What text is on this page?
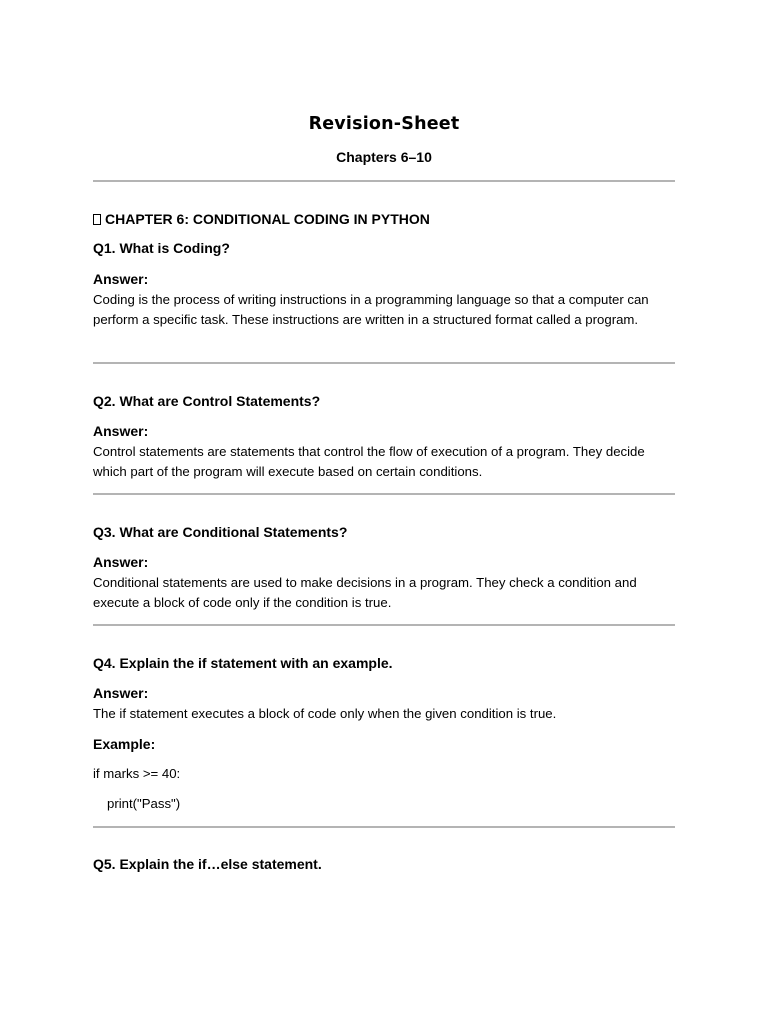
Revision-Sheet
Chapters 6–10
CHAPTER 6: CONDITIONAL CODING IN PYTHON
Q1. What is Coding?
Answer:
Coding is the process of writing instructions in a programming language so that a computer can perform a specific task. These instructions are written in a structured format called a program.
Q2. What are Control Statements?
Answer:
Control statements are statements that control the flow of execution of a program. They decide which part of the program will execute based on certain conditions.
Q3. What are Conditional Statements?
Answer:
Conditional statements are used to make decisions in a program. They check a condition and execute a block of code only if the condition is true.
Q4. Explain the if statement with an example.
Answer:
The if statement executes a block of code only when the given condition is true.
Example:
if marks >= 40:
print("Pass")
Q5. Explain the if…else statement.
